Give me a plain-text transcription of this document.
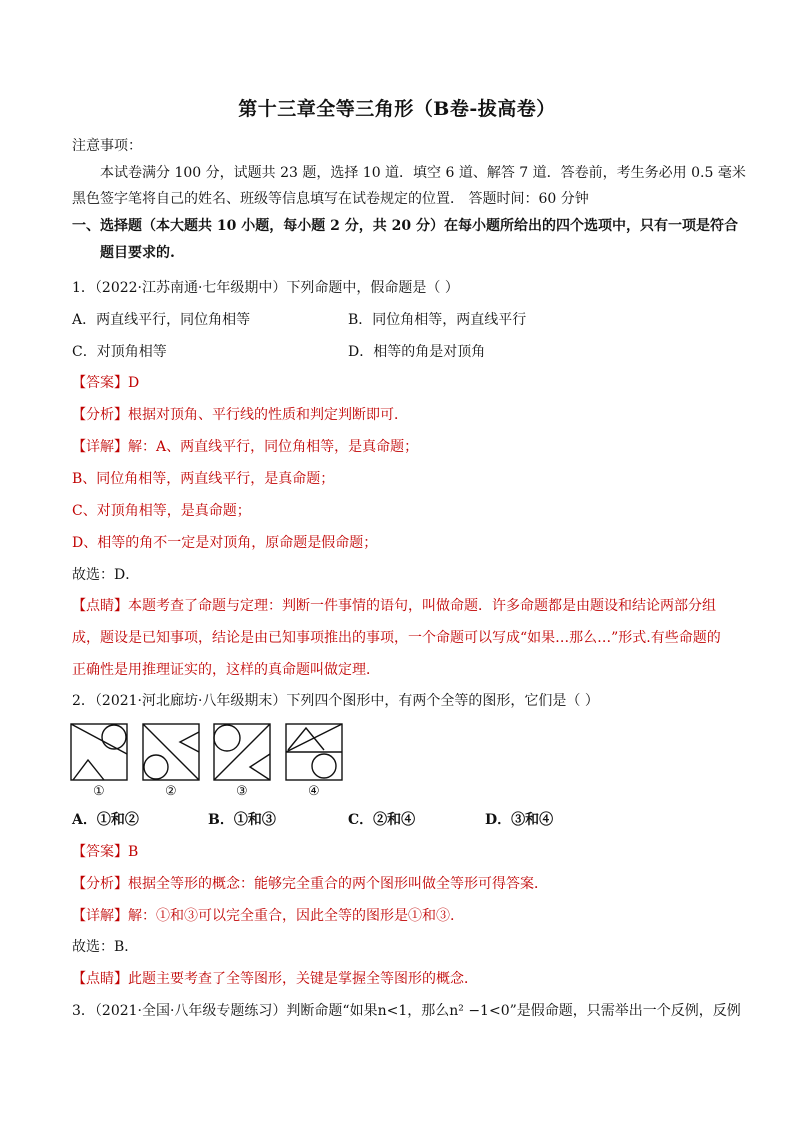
第十三章全等三角形（B卷-拔高卷）
注意事项：
本试卷满分 100 分，试题共 23 题，选择 10 道．填空 6 道、解答 7 道．答卷前，考生务必用 0.5 毫米
黑色签字笔将自己的姓名、班级等信息填写在试卷规定的位置． 答题时间：60 分钟
一、选择题（本大题共 10 小题，每小题 2 分，共 20 分）在每小题所给出的四个选项中，只有一项是符合
题目要求的.
1．（2022·江苏南通·七年级期中）下列命题中，假命题是（ ）
A．两直线平行，同位角相等	B．同位角相等，两直线平行
C．对顶角相等	D．相等的角是对顶角
【答案】D
【分析】根据对顶角、平行线的性质和判定判断即可．
【详解】解：A、两直线平行，同位角相等，是真命题；
B、同位角相等，两直线平行，是真命题；
C、对顶角相等，是真命题；
D、相等的角不一定是对顶角，原命题是假命题；
故选：D．
【点睛】本题考查了命题与定理：判断一件事情的语句，叫做命题．许多命题都是由题设和结论两部分组
成，题设是已知事项，结论是由已知事项推出的事项，一个命题可以写成“如果…那么…”形式.有些命题的
正确性是用推理证实的，这样的真命题叫做定理．
2．（2021·河北廊坊·八年级期末）下列四个图形中，有两个全等的图形，它们是（ ）
①	②	③	④
A．①和②	B．①和③	C．②和④	D．③和④
【答案】B
【分析】根据全等形的概念：能够完全重合的两个图形叫做全等形可得答案．
【详解】解：①和③可以完全重合，因此全等的图形是①和③.
故选：B．
【点睛】此题主要考查了全等图形，关键是掌握全等图形的概念．
3．（2021·全国·八年级专题练习）判断命题“如果n<1，那么n² −1<0”是假命题，只需举出一个反例，反例
